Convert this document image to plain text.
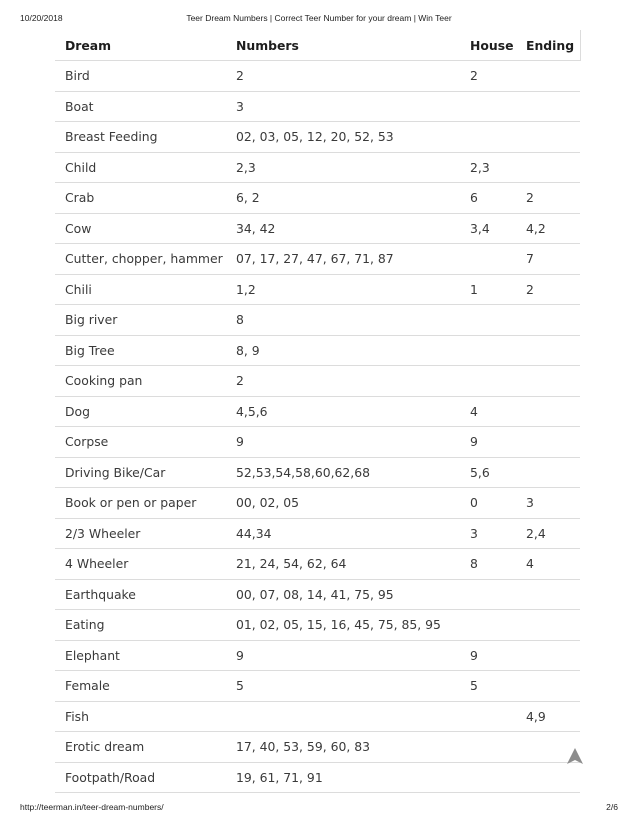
10/20/2018	Teer Dream Numbers | Correct Teer Number for your dream | Win Teer
Dream	Numbers	House	Ending
Bird	2	2	
Boat	3		
Breast Feeding	02, 03, 05, 12, 20, 52, 53		
Child	2,3	2,3	
Crab	6, 2	6	2
Cow	34, 42	3,4	4,2
Cutter, chopper, hammer	07, 17, 27, 47, 67, 71, 87		7
Chili	1,2	1	2
Big river	8		
Big Tree	8, 9		
Cooking pan	2		
Dog	4,5,6	4	
Corpse	9	9	
Driving Bike/Car	52,53,54,58,60,62,68	5,6	
Book or pen or paper	00, 02, 05	0	3
2/3 Wheeler	44,34	3	2,4
4 Wheeler	21, 24, 54, 62, 64	8	4
Earthquake	00, 07, 08, 14, 41, 75, 95		
Eating	01, 02, 05, 15, 16, 45, 75, 85, 95		
Elephant	9	9	
Female	5	5	
Fish			4,9
Erotic dream	17, 40, 53, 59, 60, 83		
Footpath/Road	19, 61, 71, 91		
http://teerman.in/teer-dream-numbers/	2/6
